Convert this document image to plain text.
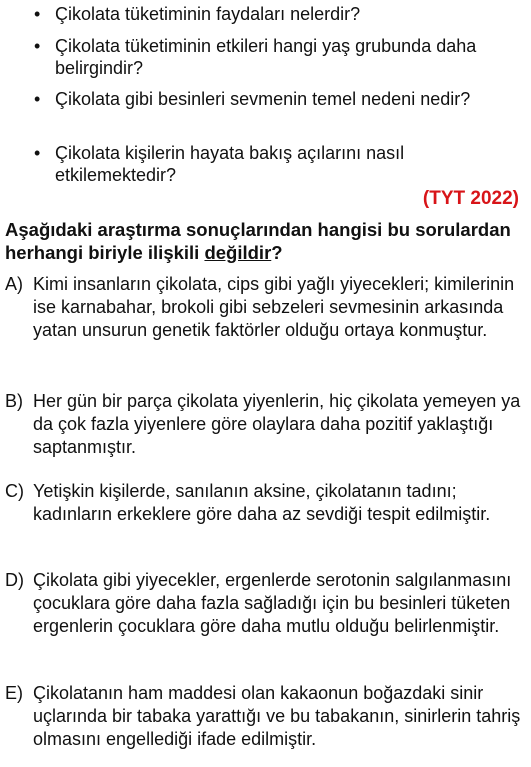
• Çikolata tüketiminin faydaları nelerdir?

• Çikolata tüketiminin etkileri hangi yaş grubunda daha belirgindir?

• Çikolata gibi besinleri sevmenin temel nedeni nedir?

• Çikolata kişilerin hayata bakış açılarını nasıl etkilemektedir?

(TYT 2022)

Aşağıdaki araştırma sonuçlarından hangisi bu sorulardan herhangi biriyle ilişkili değildir?

A) Kimi insanların çikolata, cips gibi yağlı yiyecekleri; kimilerinin ise karnabahar, brokoli gibi sebzeleri sevmesinin arkasında yatan unsurun genetik faktörler olduğu ortaya konmuştur.

B) Her gün bir parça çikolata yiyenlerin, hiç çikolata yemeyen ya da çok fazla yiyenlere göre olaylara daha pozitif yaklaştığı saptanmıştır.

C) Yetişkin kişilerde, sanılanın aksine, çikolatanın tadını; kadınların erkeklere göre daha az sevdiği tespit edilmiştir.

D) Çikolata gibi yiyecekler, ergenlerde serotonin salgılanmasını çocuklara göre daha fazla sağladığı için bu besinleri tüketen ergenlerin çocuklara göre daha mutlu olduğu belirlenmiştir.

E) Çikolatanın ham maddesi olan kakaonun boğazdaki sinir uçlarında bir tabaka yarattığı ve bu tabakanın, sinirlerin tahriş olmasını engellediği ifade edilmiştir.
